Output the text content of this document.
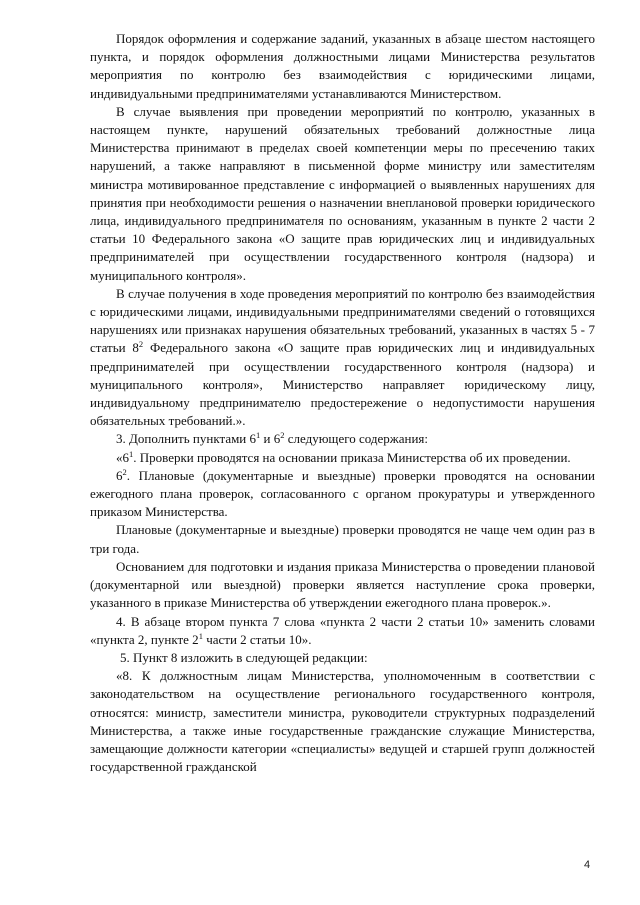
Порядок оформления и содержание заданий, указанных в абзаце шестом настоящего пункта, и порядок оформления должностными лицами Министерства результатов мероприятия по контролю без взаимодействия с юридическими лицами, индивидуальными предпринимателями устанавливаются Министерством.

В случае выявления при проведении мероприятий по контролю, указанных в настоящем пункте, нарушений обязательных требований должностные лица Министерства принимают в пределах своей компетенции меры по пресечению таких нарушений, а также направляют в письменной форме министру или заместителям министра мотивированное представление с информацией о выявленных нарушениях для принятия при необходимости решения о назначении внеплановой проверки юридического лица, индивидуального предпринимателя по основаниям, указанным в пункте 2 части 2 статьи 10 Федерального закона «О защите прав юридических лиц и индивидуальных предпринимателей при осуществлении государственного контроля (надзора) и муниципального контроля».

В случае получения в ходе проведения мероприятий по контролю без взаимодействия с юридическими лицами, индивидуальными предпринимателями сведений о готовящихся нарушениях или признаках нарушения обязательных требований, указанных в частях 5 - 7 статьи $8^2$ Федерального закона «О защите прав юридических лиц и индивидуальных предпринимателей при осуществлении государственного контроля (надзора) и муниципального контроля», Министерство направляет юридическому лицу, индивидуальному предпринимателю предостережение о недопустимости нарушения обязательных требований.».

3. Дополнить пунктами $6^1$ и $6^2$ следующего содержания:

«$6^1$. Проверки проводятся на основании приказа Министерства об их проведении.

$6^2$. Плановые (документарные и выездные) проверки проводятся на основании ежегодного плана проверок, согласованного с органом прокуратуры и утвержденного приказом Министерства.

Плановые (документарные и выездные) проверки проводятся не чаще чем один раз в три года.

Основанием для подготовки и издания приказа Министерства о проведении плановой (документарной или выездной) проверки является наступление срока проверки, указанного в приказе Министерства об утверждении ежегодного плана проверок.».

4. В абзаце втором пункта 7 слова «пункта 2 части 2 статьи 10» заменить словами «пункта 2, пункте $2^1$ части 2 статьи 10».

5. Пункт 8 изложить в следующей редакции:

«8. К должностным лицам Министерства, уполномоченным в соответствии с законодательством на осуществление регионального государственного контроля, относятся: министр, заместители министра, руководители структурных подразделений Министерства, а также иные государственные гражданские служащие Министерства, замещающие должности категории «специалисты» ведущей и старшей групп должностей государственной гражданской

4
